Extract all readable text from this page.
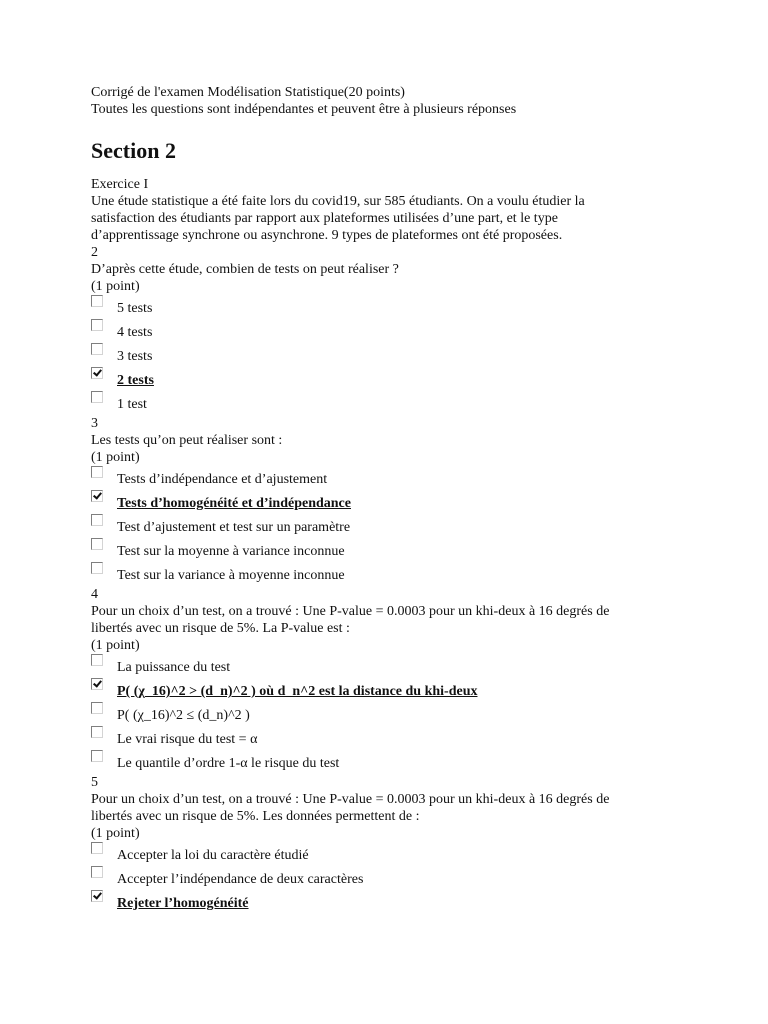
Corrigé de l'examen Modélisation Statistique(20 points)
Toutes les questions sont indépendantes et peuvent être à plusieurs réponses
Section 2
Exercice I
Une étude statistique a été faite lors du covid19, sur 585 étudiants. On a voulu étudier la
satisfaction des étudiants par rapport aux plateformes utilisées d’une part, et le type
d’apprentissage synchrone ou asynchrone. 9 types de plateformes ont été proposées.
2
D’après cette étude, combien de tests on peut réaliser ?
(1 point)
5 tests
4 tests
3 tests
2 tests
1 test
3
Les tests qu’on peut réaliser sont :
(1 point)
Tests d’indépendance et d’ajustement
Tests d’homogénéité et d’indépendance
Test d’ajustement et test sur un paramètre
Test sur la moyenne à variance inconnue
Test sur la variance à moyenne inconnue
4
Pour un choix d’un test, on a trouvé : Une P-value = 0.0003 pour un khi-deux à 16 degrés de
libertés avec un risque de 5%. La P-value est :
(1 point)
La puissance du test
P( (χ_16)^2 > (d_n)^2 ) où d_n^2 est la distance du khi-deux
P( (χ_16)^2 ≤ (d_n)^2 )
Le vrai risque du test = α
Le quantile d’ordre 1-α le risque du test
5
Pour un choix d’un test, on a trouvé : Une P-value = 0.0003 pour un khi-deux à 16 degrés de
libertés avec un risque de 5%. Les données permettent de :
(1 point)
Accepter la loi du caractère étudié
Accepter l’indépendance de deux caractères
Rejeter l’homogénéité
